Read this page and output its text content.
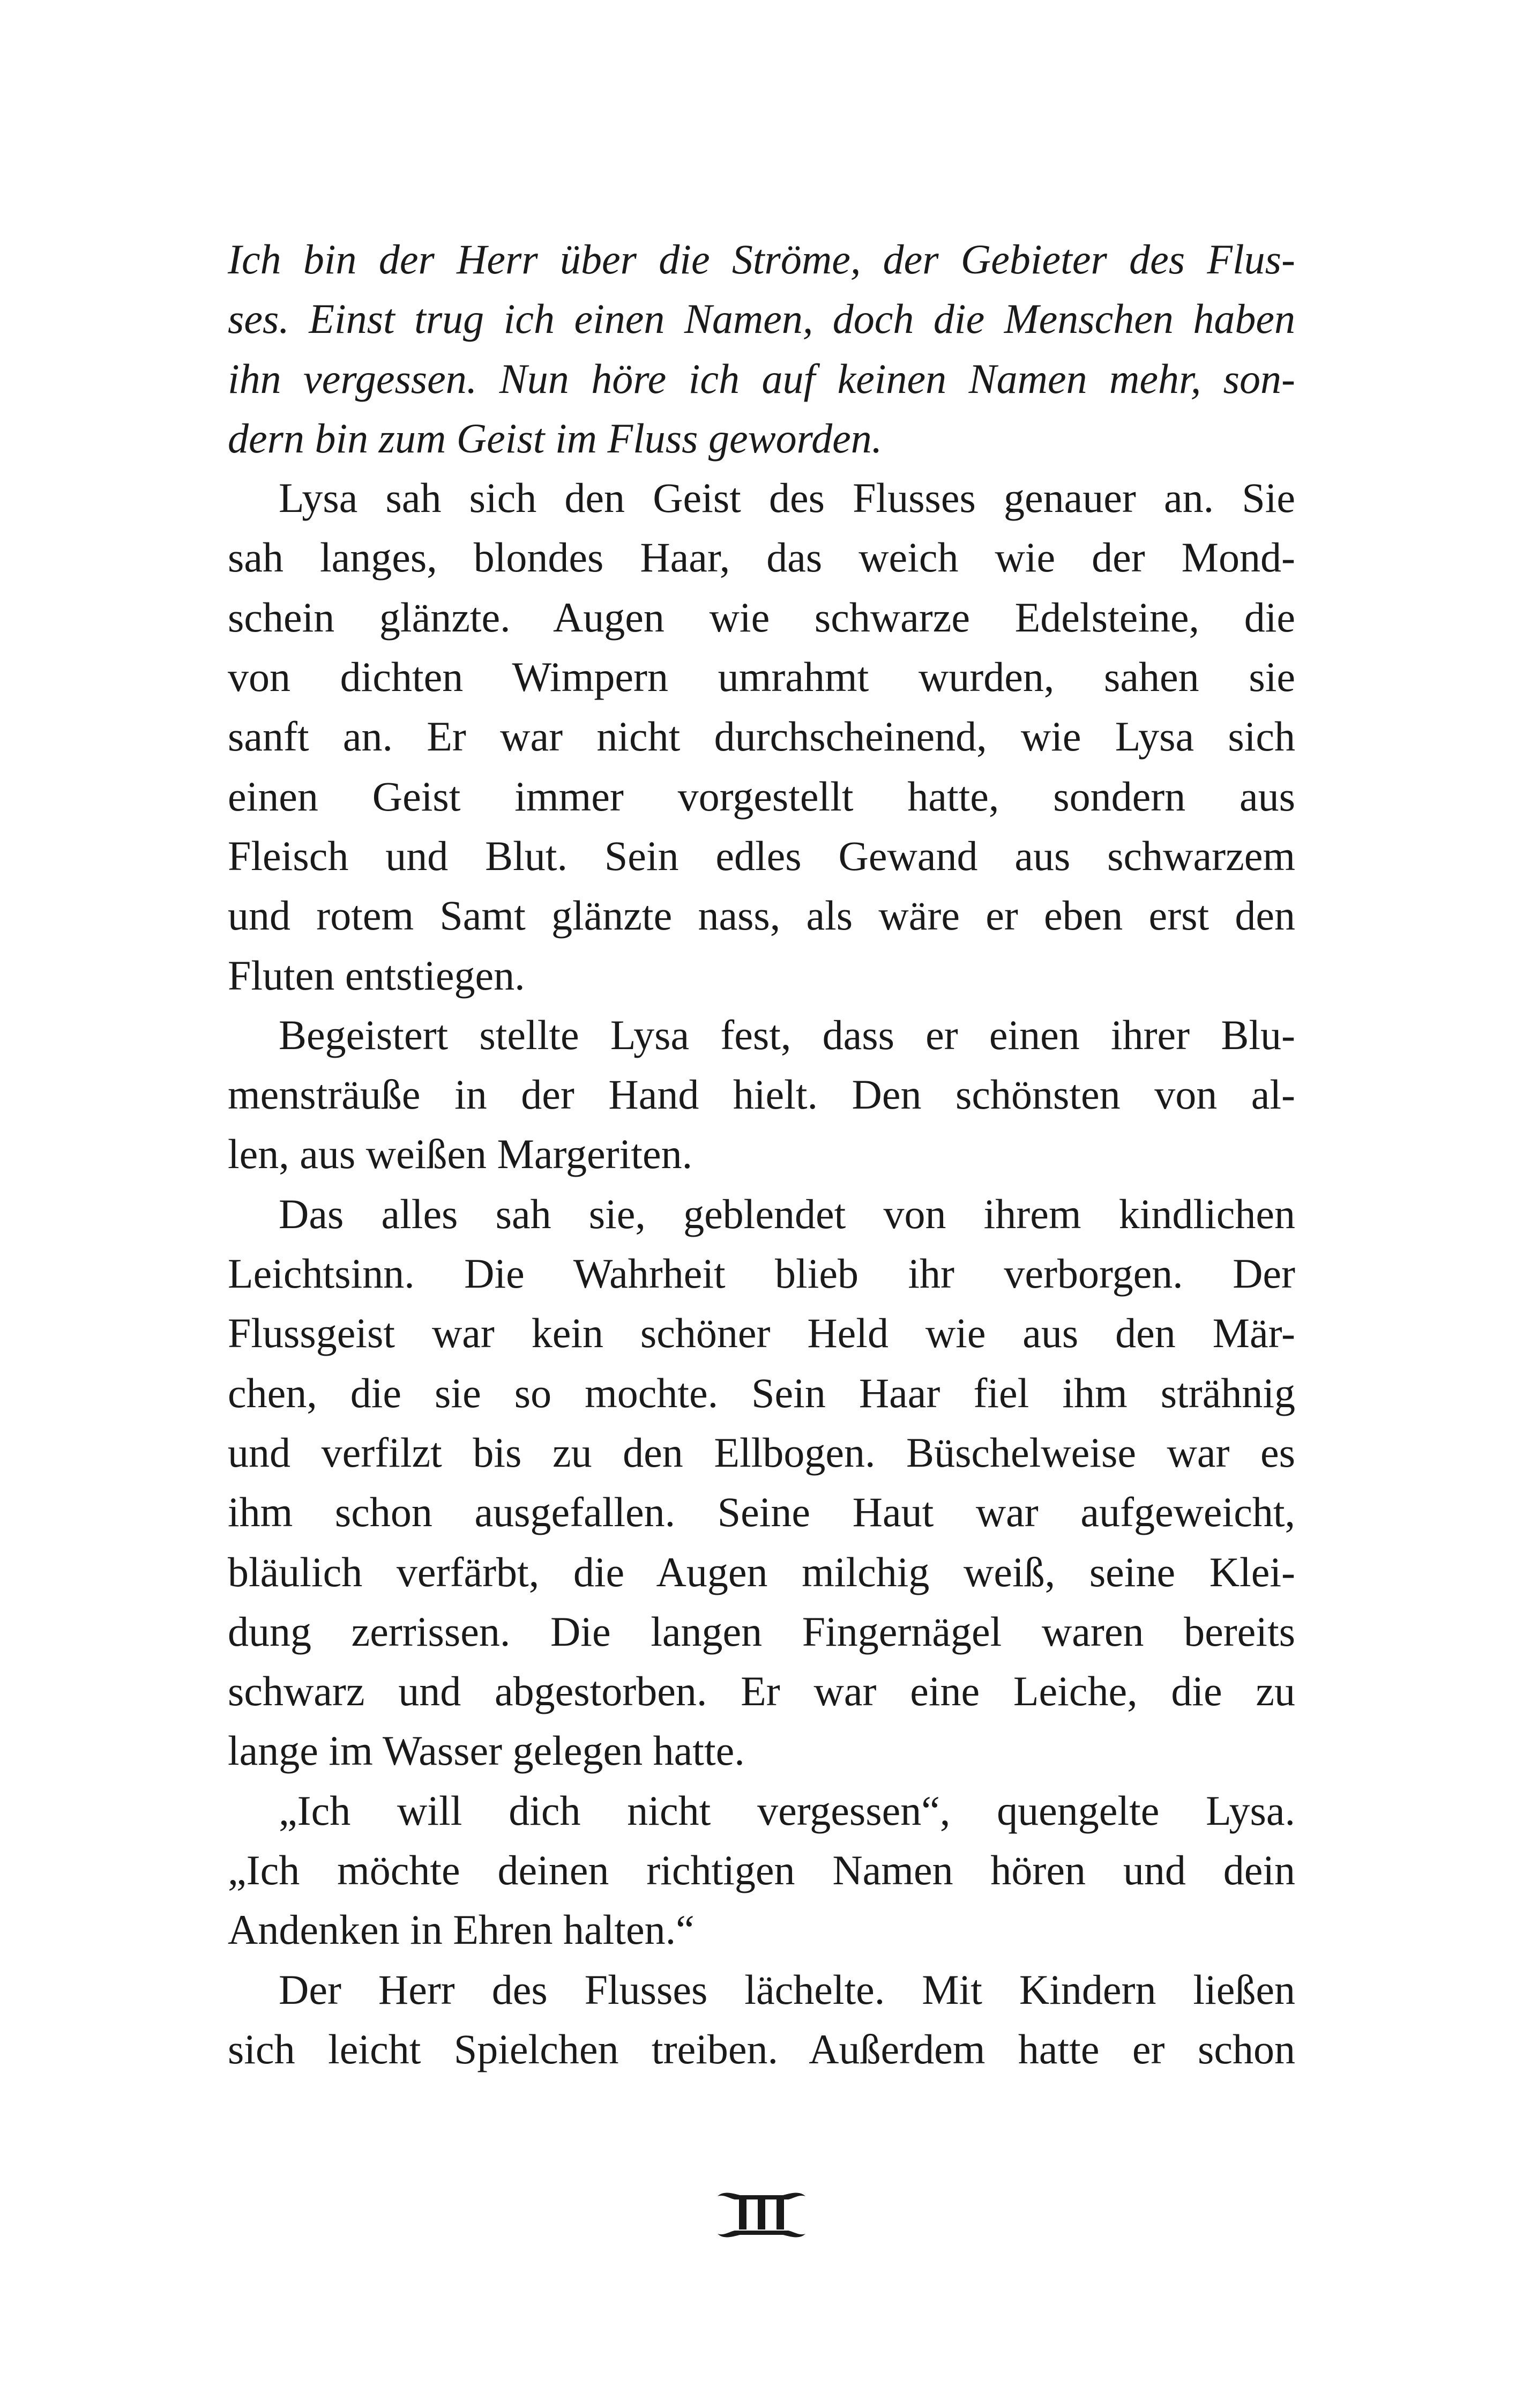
Ich bin der Herr über die Ströme, der Gebieter des Flus-
ses. Einst trug ich einen Namen, doch die Menschen haben
ihn vergessen. Nun höre ich auf keinen Namen mehr, son-
dern bin zum Geist im Fluss geworden.
Lysa sah sich den Geist des Flusses genauer an. Sie
sah langes, blondes Haar, das weich wie der Mond-
schein glänzte. Augen wie schwarze Edelsteine, die
von dichten Wimpern umrahmt wurden, sahen sie
sanft an. Er war nicht durchscheinend, wie Lysa sich
einen Geist immer vorgestellt hatte, sondern aus
Fleisch und Blut. Sein edles Gewand aus schwarzem
und rotem Samt glänzte nass, als wäre er eben erst den
Fluten entstiegen.
Begeistert stellte Lysa fest, dass er einen ihrer Blu-
mensträuße in der Hand hielt. Den schönsten von al-
len, aus weißen Margeriten.
Das alles sah sie, geblendet von ihrem kindlichen
Leichtsinn. Die Wahrheit blieb ihr verborgen. Der
Flussgeist war kein schöner Held wie aus den Mär-
chen, die sie so mochte. Sein Haar fiel ihm strähnig
und verfilzt bis zu den Ellbogen. Büschelweise war es
ihm schon ausgefallen. Seine Haut war aufgeweicht,
bläulich verfärbt, die Augen milchig weiß, seine Klei-
dung zerrissen. Die langen Fingernägel waren bereits
schwarz und abgestorben. Er war eine Leiche, die zu
lange im Wasser gelegen hatte.
„Ich will dich nicht vergessen“, quengelte Lysa.
„Ich möchte deinen richtigen Namen hören und dein
Andenken in Ehren halten.“
Der Herr des Flusses lächelte. Mit Kindern ließen
sich leicht Spielchen treiben. Außerdem hatte er schon
III
